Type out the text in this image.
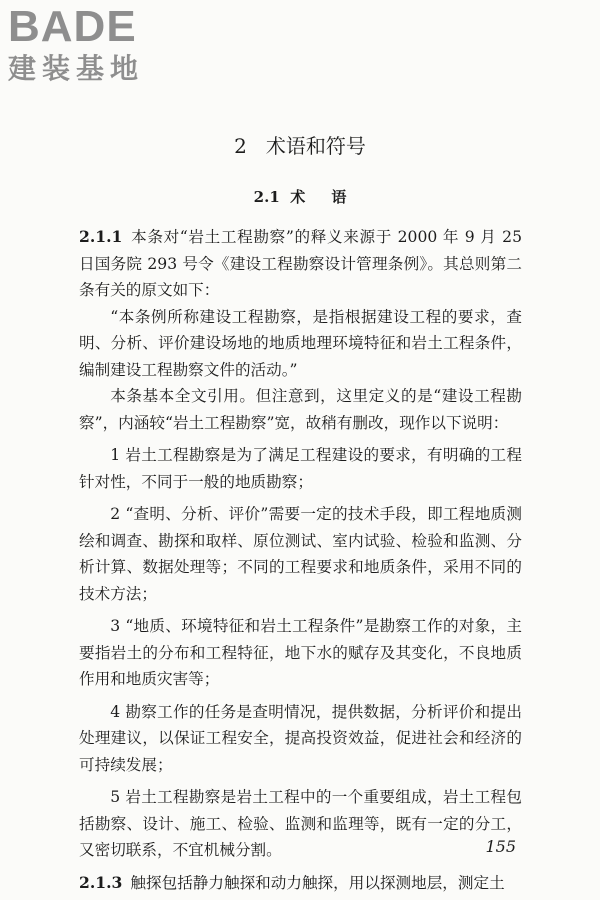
BADE
建装基地
2   术语和符号
2.1  术     语

2.1.1 本条对“岩土工程勘察”的释义来源于 2000 年 9 月 25 日国务院 293 号令《建设工程勘察设计管理条例》。其总则第二条有关的原文如下：

“本条例所称建设工程勘察，是指根据建设工程的要求，查明、分析、评价建设场地的地质地理环境特征和岩土工程条件，编制建设工程勘察文件的活动。”

本条基本全文引用。但注意到，这里定义的是“建设工程勘察”，内涵较“岩土工程勘察”宽，故稍有删改，现作以下说明：

1 岩土工程勘察是为了满足工程建设的要求，有明确的工程针对性，不同于一般的地质勘察；

2 “查明、分析、评价”需要一定的技术手段，即工程地质测绘和调查、勘探和取样、原位测试、室内试验、检验和监测、分析计算、数据处理等；不同的工程要求和地质条件，采用不同的技术方法；

3 “地质、环境特征和岩土工程条件”是勘察工作的对象，主要指岩土的分布和工程特征，地下水的赋存及其变化，不良地质作用和地质灾害等；

4 勘察工作的任务是查明情况，提供数据，分析评价和提出处理建议，以保证工程安全，提高投资效益，促进社会和经济的可持续发展；

5 岩土工程勘察是岩土工程中的一个重要组成，岩土工程包括勘察、设计、施工、检验、监测和监理等，既有一定的分工，又密切联系，不宜机械分割。

2.1.3 触探包括静力触探和动力触探，用以探测地层，测定土

155
